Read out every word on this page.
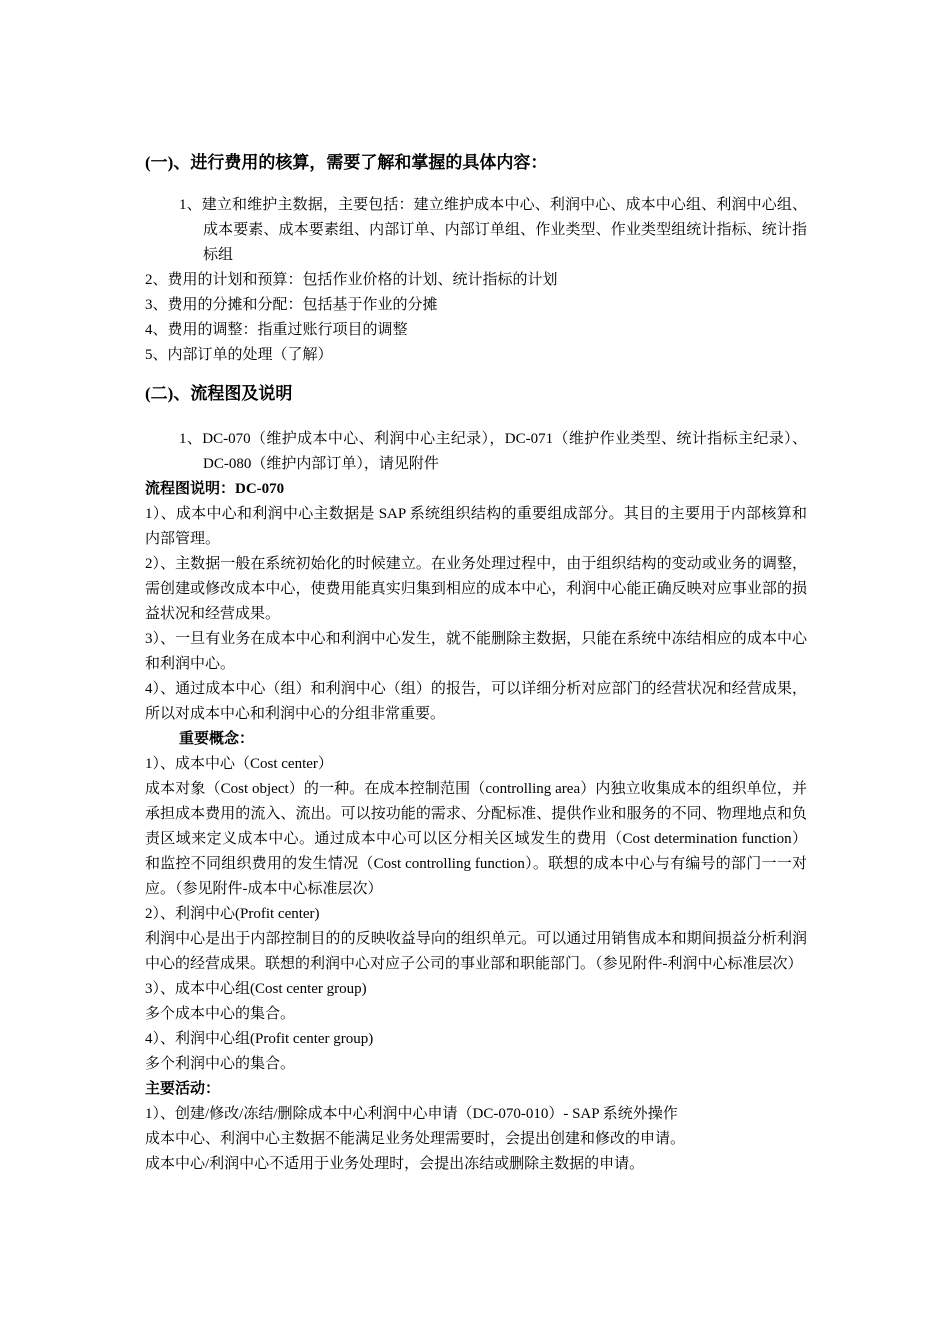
(一)、进行费用的核算，需要了解和掌握的具体内容：

1、建立和维护主数据，主要包括：建立维护成本中心、利润中心、成本中心组、利润中心组、成本要素、成本要素组、内部订单、内部订单组、作业类型、作业类型组统计指标、统计指标组

2、费用的计划和预算：包括作业价格的计划、统计指标的计划

3、费用的分摊和分配：包括基于作业的分摊

4、费用的调整：指重过账行项目的调整

5、内部订单的处理（了解）

(二)、流程图及说明

1、DC-070（维护成本中心、利润中心主纪录），DC-071（维护作业类型、统计指标主纪录）、DC-080（维护内部订单），请见附件

流程图说明：DC-070

1）、成本中心和利润中心主数据是 SAP 系统组织结构的重要组成部分。其目的主要用于内部核算和内部管理。

2）、主数据一般在系统初始化的时候建立。在业务处理过程中，由于组织结构的变动或业务的调整，需创建或修改成本中心，使费用能真实归集到相应的成本中心，利润中心能正确反映对应事业部的损益状况和经营成果。

3）、一旦有业务在成本中心和利润中心发生，就不能删除主数据，只能在系统中冻结相应的成本中心和利润中心。

4）、通过成本中心（组）和利润中心（组）的报告，可以详细分析对应部门的经营状况和经营成果，所以对成本中心和利润中心的分组非常重要。

重要概念：

1）、成本中心（Cost center）

成本对象（Cost object）的一种。在成本控制范围（controlling area）内独立收集成本的组织单位，并承担成本费用的流入、流出。可以按功能的需求、分配标准、提供作业和服务的不同、物理地点和负责区域来定义成本中心。通过成本中心可以区分相关区域发生的费用（Cost determination function）和监控不同组织费用的发生情况（Cost controlling function）。联想的成本中心与有编号的部门一一对应。（参见附件-成本中心标准层次）

2）、利润中心(Profit center)

利润中心是出于内部控制目的的反映收益导向的组织单元。可以通过用销售成本和期间损益分析利润中心的经营成果。联想的利润中心对应子公司的事业部和职能部门。（参见附件-利润中心标准层次）

3）、成本中心组(Cost center group)

多个成本中心的集合。

4）、利润中心组(Profit center group)

多个利润中心的集合。

主要活动：

1）、创建/修改/冻结/删除成本中心利润中心申请（DC-070-010）- SAP 系统外操作

成本中心、利润中心主数据不能满足业务处理需要时，会提出创建和修改的申请。

成本中心/利润中心不适用于业务处理时，会提出冻结或删除主数据的申请。
